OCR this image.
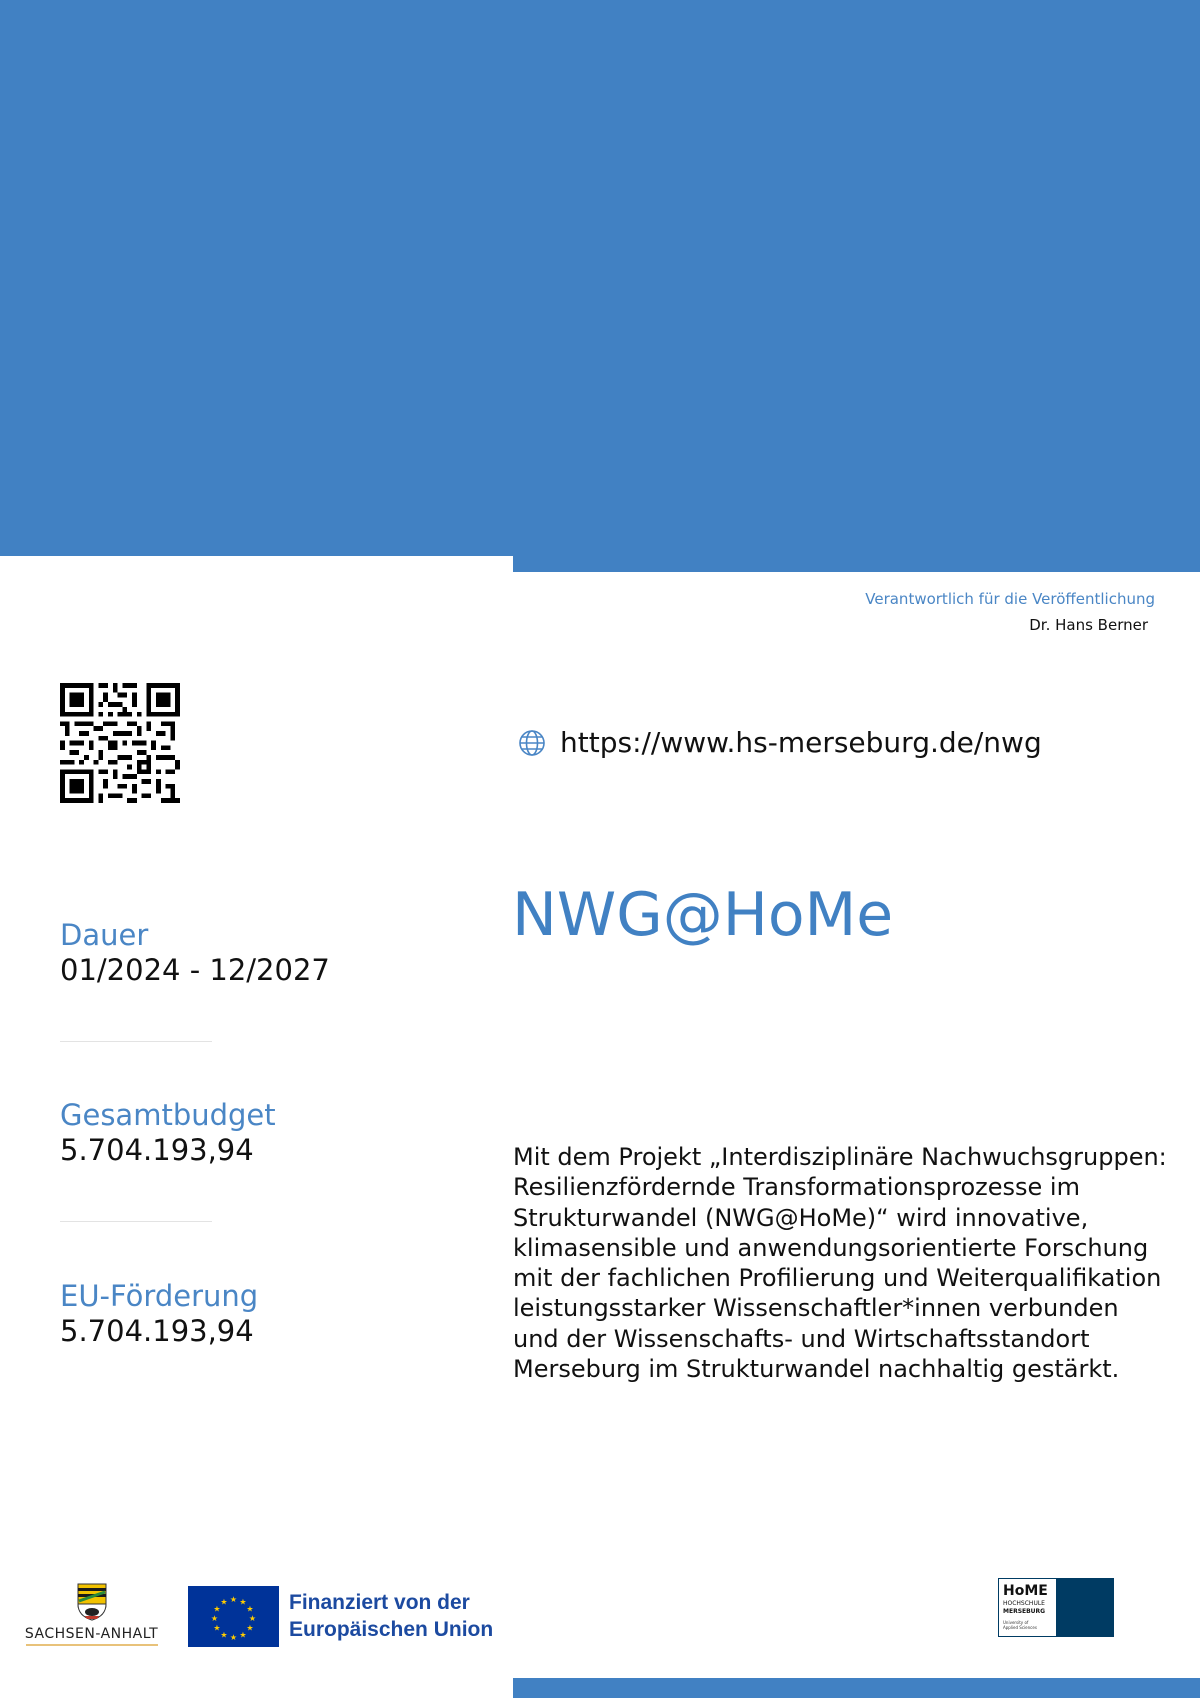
Verantwortlich für die Veröffentlichung
Dr. Hans Berner
https://www.hs-merseburg.de/nwg
Dauer
01/2024 - 12/2027
Gesamtbudget
5.704.193,94
EU-Förderung
5.704.193,94
NWG@HoMe
Mit dem Projekt „Interdisziplinäre Nachwuchsgruppen: Resilienzfördernde Transformationsprozesse im Strukturwandel (NWG@HoMe)“ wird innovative, klimasensible und anwendungsorientierte Forschung mit der fachlichen Profilierung und Weiterqualifikation leistungsstarker Wissenschaftler*innen verbunden und der Wissenschafts- und Wirtschaftsstandort Merseburg im Strukturwandel nachhaltig gestärkt.
SACHSEN-ANHALT
★ ★
★
★
★
★
★
★
★
★
★
★	Finanziert von der
Europäischen Union
HoME
HOCHSCHULE
MERSEBURG
University of
Applied Sciences
